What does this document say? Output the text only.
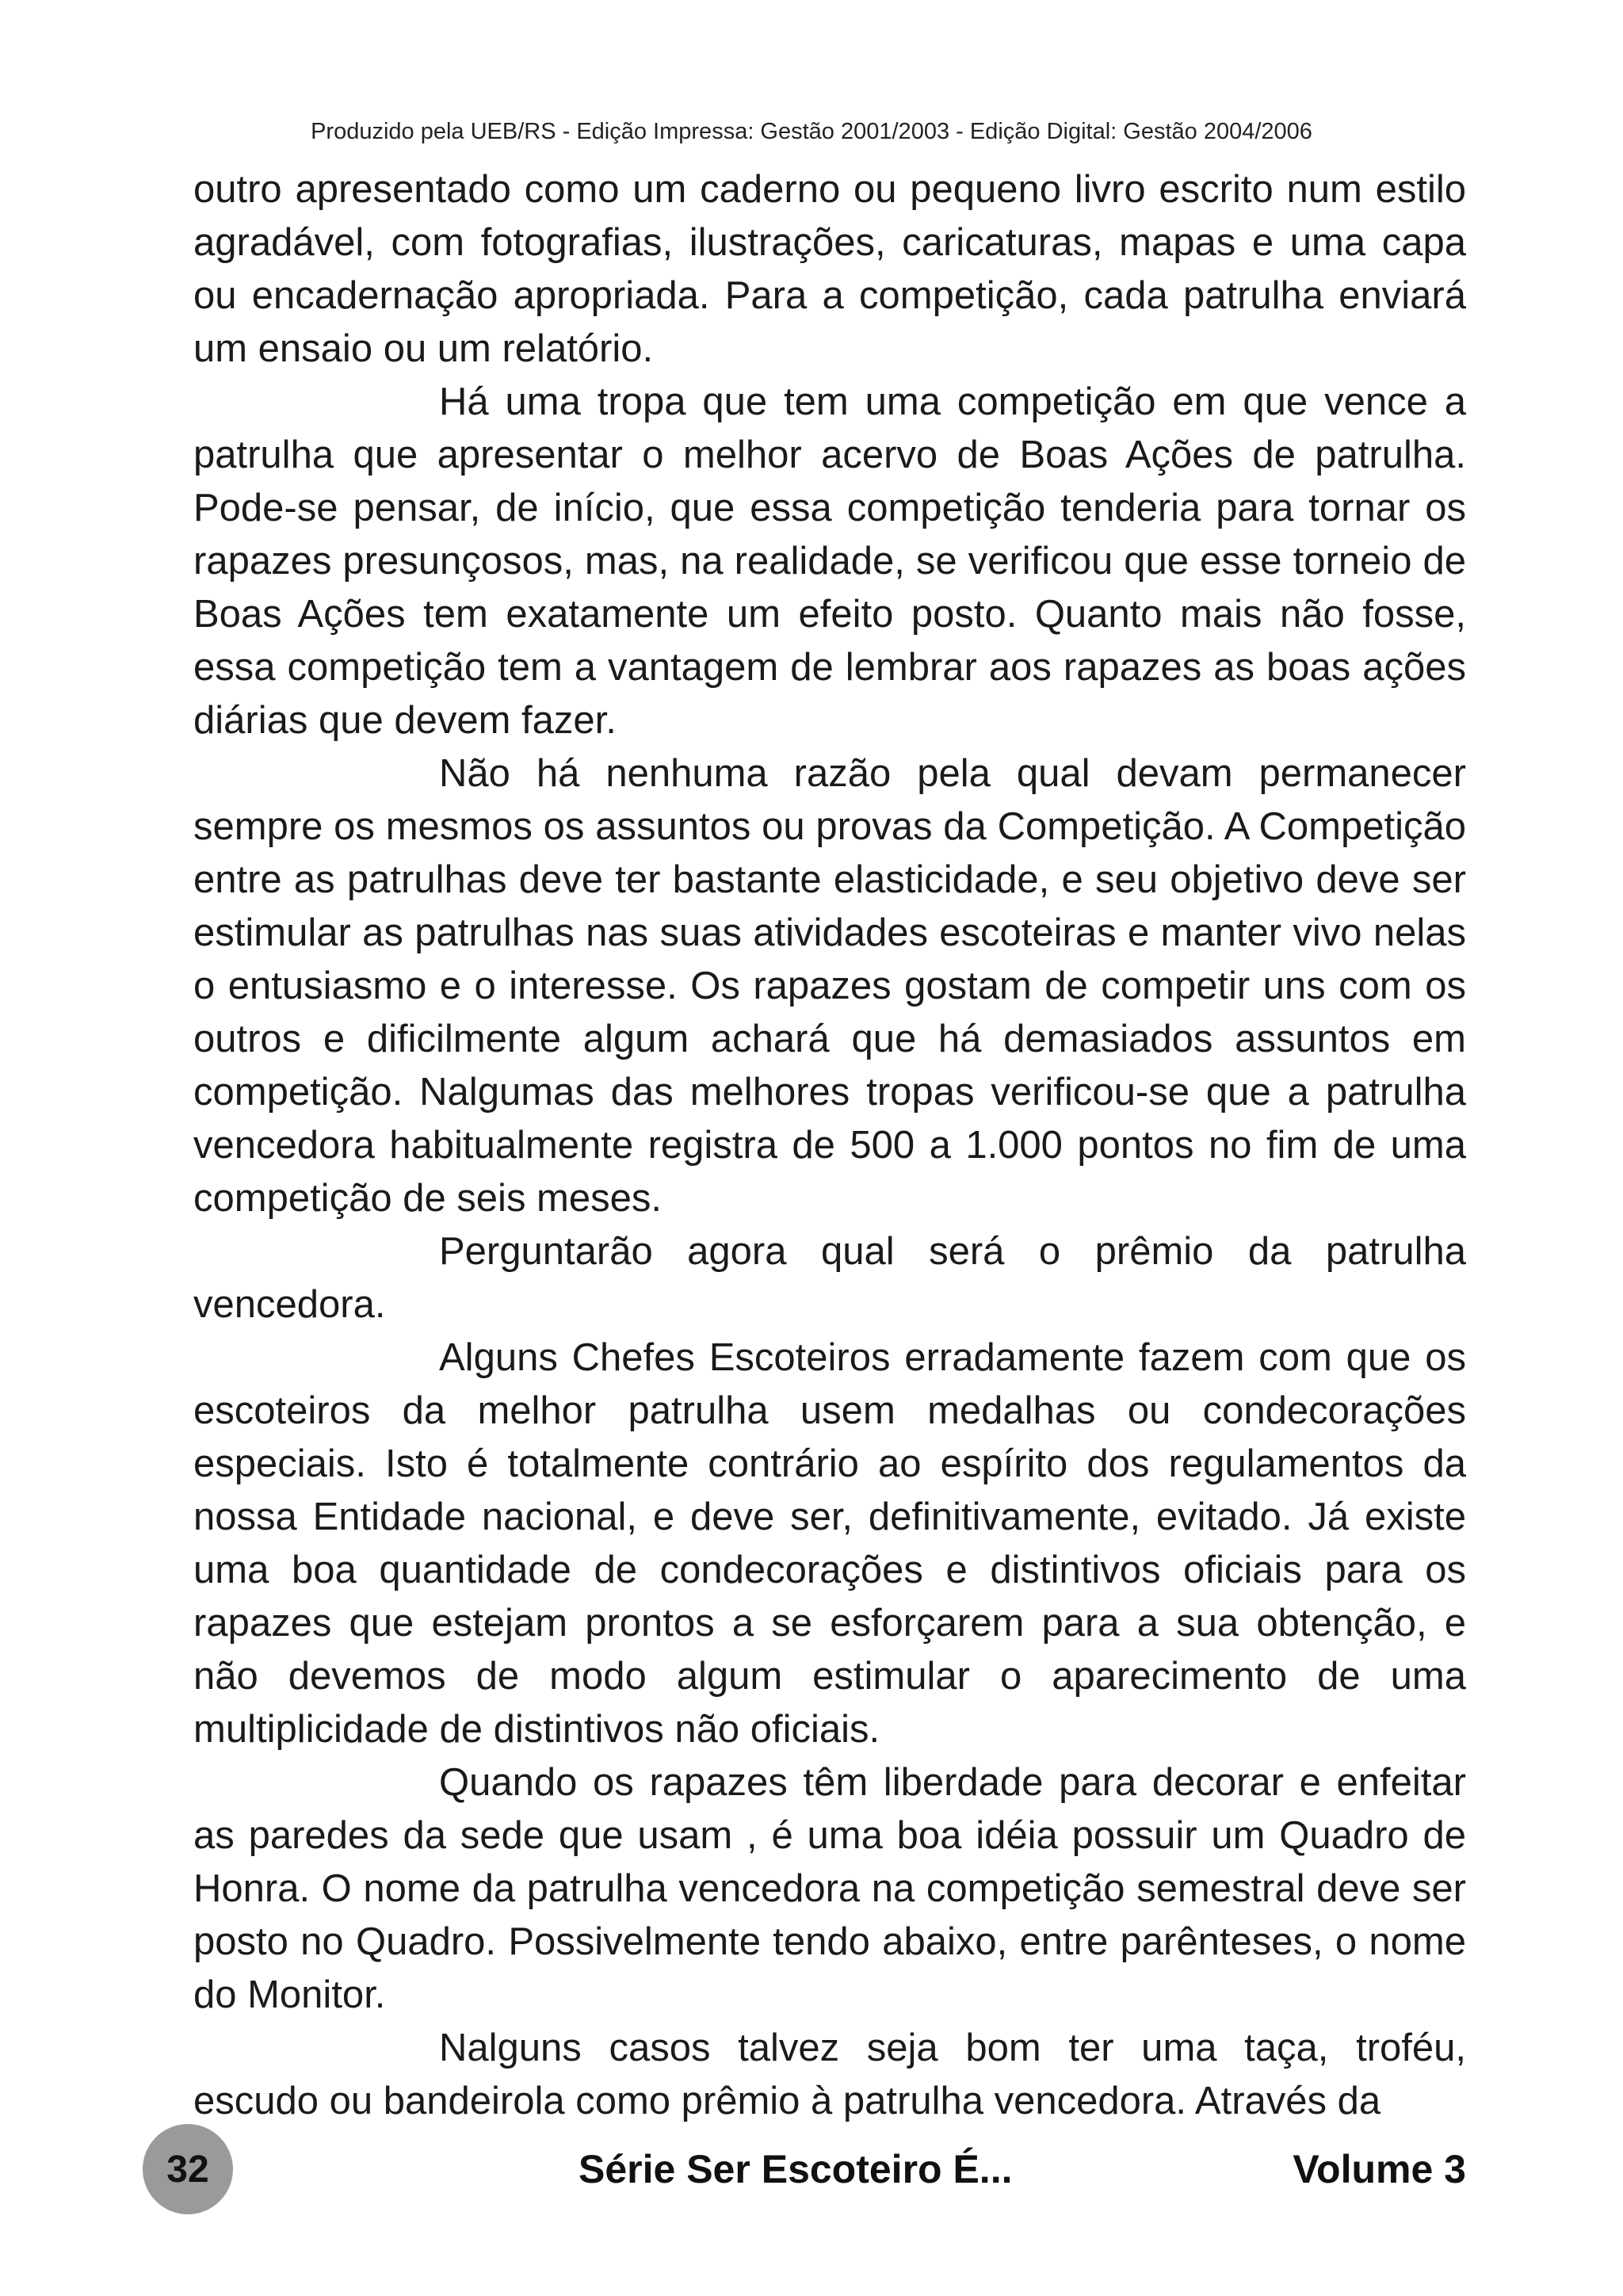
Produzido pela UEB/RS - Edição Impressa: Gestão 2001/2003 - Edição Digital: Gestão 2004/2006

outro apresentado como um caderno ou pequeno livro escrito num estilo agradável, com fotografias, ilustrações, caricaturas, mapas e uma capa ou encadernação apropriada. Para a competição, cada patrulha enviará um ensaio ou um relatório.

Há uma tropa que tem uma competição em que vence a patrulha que apresentar o melhor acervo de Boas Ações de patrulha. Pode-se pensar, de início, que essa competição tenderia para tornar os rapazes presunçosos, mas, na realidade, se verificou que esse torneio de Boas Ações tem exatamente um efeito posto. Quanto mais não fosse, essa competição tem a vantagem de lembrar aos rapazes as boas ações diárias que devem fazer.

Não há nenhuma razão pela qual devam permanecer sempre os mesmos os assuntos ou provas da Competição. A Competição entre as patrulhas deve ter bastante elasticidade, e seu objetivo deve ser estimular as patrulhas nas suas atividades escoteiras e manter vivo nelas o entusiasmo e o interesse. Os rapazes gostam de competir uns com os outros e dificilmente algum achará que há demasiados assuntos em competição. Nalgumas das melhores tropas verificou-se que a patrulha vencedora habitualmente registra de 500 a 1.000 pontos no fim de uma competição de seis meses.

Perguntarão agora qual será o prêmio da patrulha vencedora.

Alguns Chefes Escoteiros erradamente fazem com que os escoteiros da melhor patrulha usem medalhas ou condecorações especiais. Isto é totalmente contrário ao espírito dos regulamentos da nossa Entidade nacional, e deve ser, definitivamente, evitado. Já existe uma boa quantidade de condecorações e distintivos oficiais para os rapazes que estejam prontos a se esforçarem para a sua obtenção, e não devemos de modo algum estimular o aparecimento de uma multiplicidade de distintivos não oficiais.

Quando os rapazes têm liberdade para decorar e enfeitar as paredes da sede que usam , é uma boa idéia possuir um Quadro de Honra. O nome da patrulha vencedora na competição semestral deve ser posto no Quadro. Possivelmente tendo abaixo, entre parênteses, o nome do Monitor.

Nalguns casos talvez seja bom ter uma taça, troféu, escudo ou bandeirola como prêmio à patrulha vencedora. Através da

32	Série Ser Escoteiro É...	Volume 3
